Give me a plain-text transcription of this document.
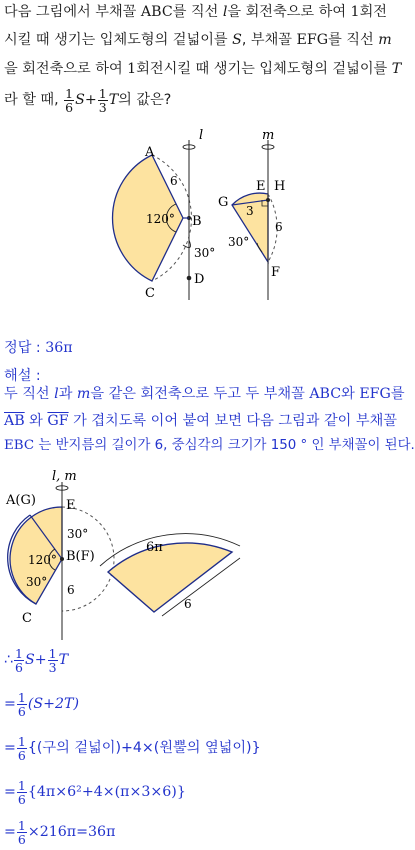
다음 그림에서 부채꼴 ABC를 직선 l을 회전축으로 하여 1회전
시킬 때 생기는 입체도형의 겉넓이를 S, 부채꼴 EFG를 직선 m
을 회전축으로 하여 1회전시킬 때 생기는 입체도형의 겉넓이를 T
라 할 때, $\frac{1}{6} S+ \frac{1}{3}$ T의 값은?
l	m
A
B
C
D
6
120°
30°
E H
G
F
3
30°
6
정답 : 36π
해설 :
두 직선 l과 m을 같은 회전축으로 두고 두 부채꼴 ABC와 EFG를
$\overline{AB}$ 와 $\overline{GF}$ 가 겹치도록 이어 붙여 보면 다음 그림과 같이 부채꼴
EBC 는 반지름의 길이가 6, 중심각의 크기가 150 ° 인 부채꼴이 된다.
l, m
A(G) E
B(F)
C
30°
120°
30°
6
6π
6
∴ $\frac{1}{6} S+ \frac{1}{3}$ T
= $\frac{1}{6} (S+2T)$
= $\frac{1}{6}$ {(구의 겉넓이)+4×(원뿔의 옆넓이)}
= $\frac{1}{6} \{4\pi\times 6^2+4\times(\pi\times 3\times 6)\}$
= $\frac{1}{6} \times 216\pi=36\pi$
